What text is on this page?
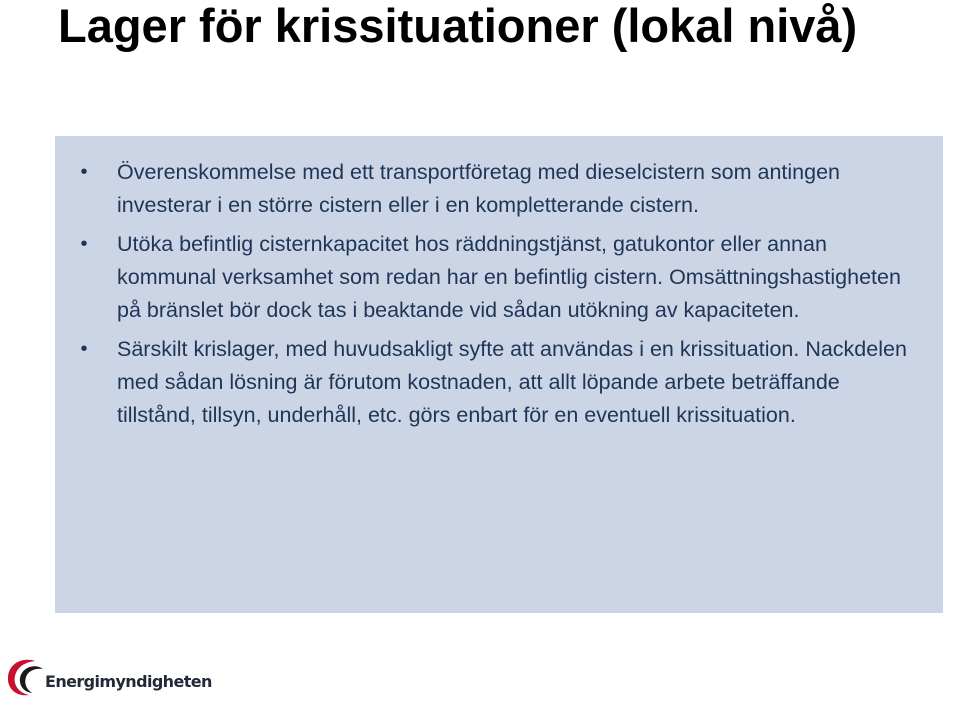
Lager för krissituationer (lokal nivå)
• Överenskommelse med ett transportföretag med dieselcistern som antingen investerar i en större cistern eller i en kompletterande cistern.
• Utöka befintlig cisternkapacitet hos räddningstjänst, gatukontor eller annan kommunal verksamhet som redan har en befintlig cistern. Omsättningshastigheten på bränslet bör dock tas i beaktande vid sådan utökning av kapaciteten.
• Särskilt krislager, med huvudsakligt syfte att användas i en krissituation. Nackdelen med sådan lösning är förutom kostnaden, att allt löpande arbete beträffande tillstånd, tillsyn, underhåll, etc. görs enbart för en eventuell krissituation.
Energimyndigheten
